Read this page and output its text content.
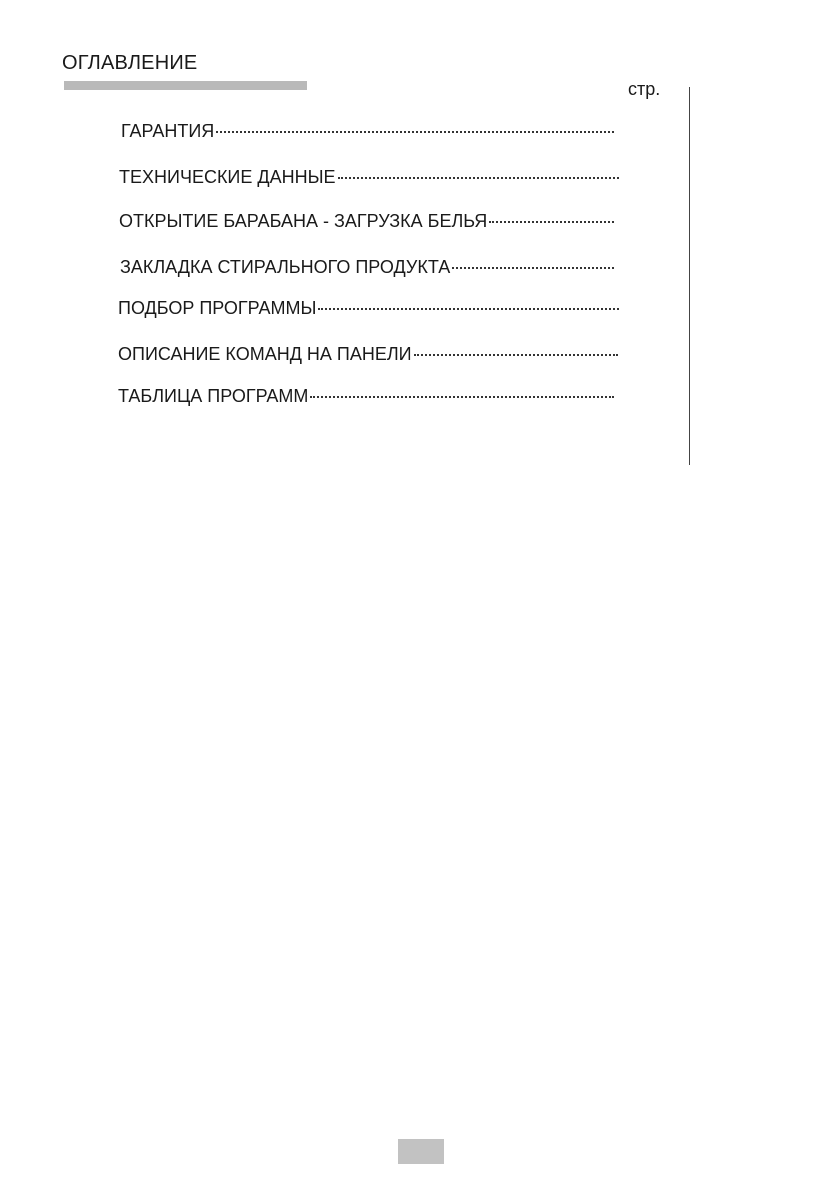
ОГЛАВЛЕНИЕ
стр.
ГАРАНТИЯ
ТЕХНИЧЕСКИЕ ДАННЫЕ
ОТКРЫТИЕ БАРАБАНА - ЗАГРУЗКА БЕЛЬЯ
ЗАКЛАДКА СТИРАЛЬНОГО ПРОДУКТА
ПОДБОР ПРОГРАММЫ
ОПИСАНИЕ КОМАНД НА ПАНЕЛИ
ТАБЛИЦА ПРОГРАММ
